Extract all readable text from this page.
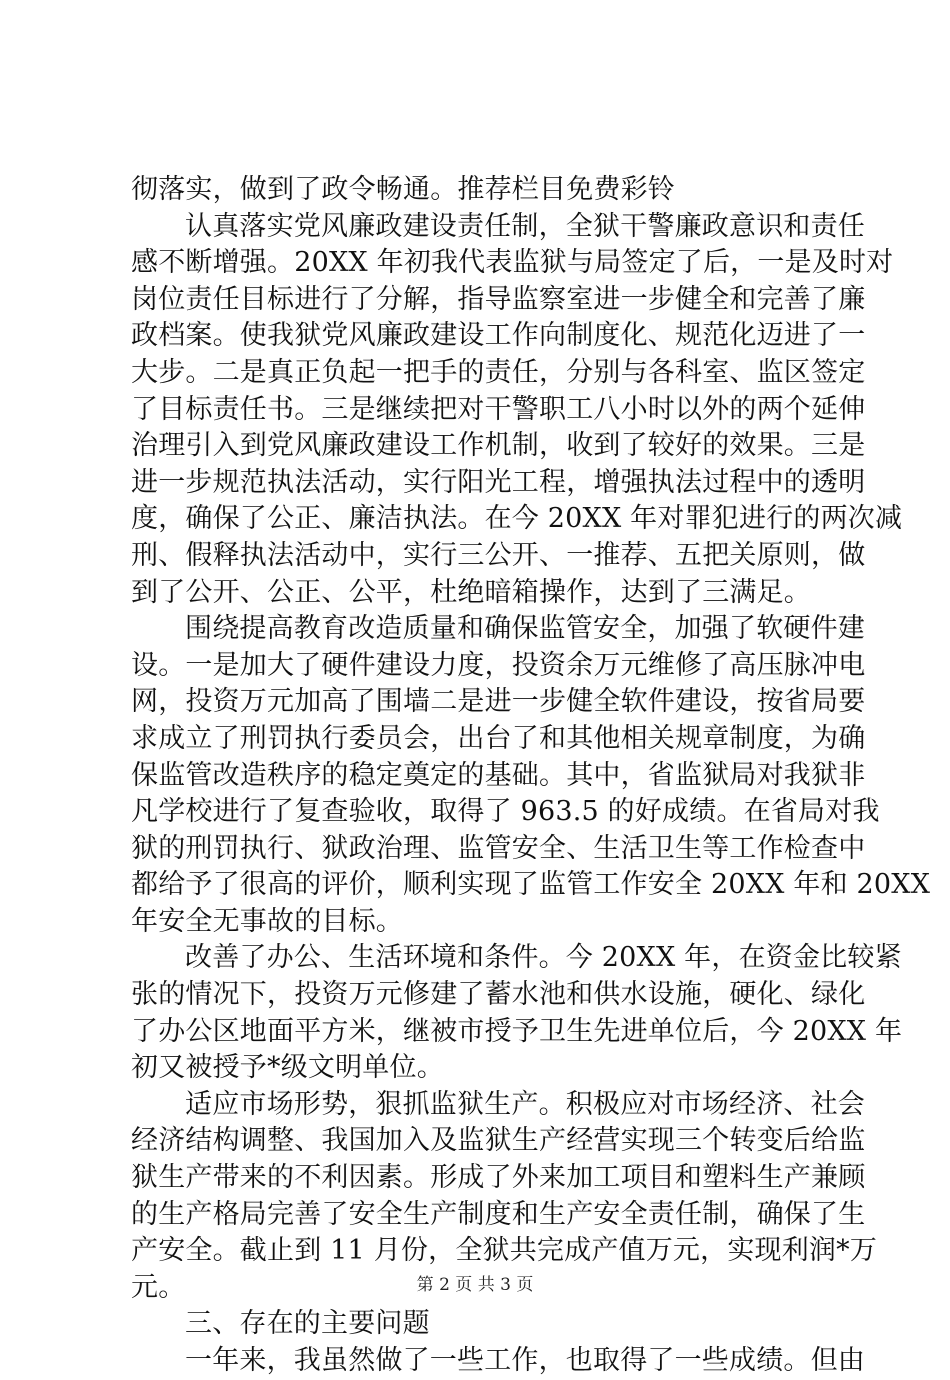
彻落实，做到了政令畅通。推荐栏目免费彩铃
认真落实党风廉政建设责任制，全狱干警廉政意识和责任
感不断增强。20XX 年初我代表监狱与局签定了后，一是及时对
岗位责任目标进行了分解，指导监察室进一步健全和完善了廉
政档案。使我狱党风廉政建设工作向制度化、规范化迈进了一
大步。二是真正负起一把手的责任，分别与各科室、监区签定
了目标责任书。三是继续把对干警职工八小时以外的两个延伸
治理引入到党风廉政建设工作机制，收到了较好的效果。三是
进一步规范执法活动，实行阳光工程，增强执法过程中的透明
度，确保了公正、廉洁执法。在今 20XX 年对罪犯进行的两次减
刑、假释执法活动中，实行三公开、一推荐、五把关原则，做
到了公开、公正、公平，杜绝暗箱操作，达到了三满足。
围绕提高教育改造质量和确保监管安全，加强了软硬件建
设。一是加大了硬件建设力度，投资余万元维修了高压脉冲电
网，投资万元加高了围墙二是进一步健全软件建设，按省局要
求成立了刑罚执行委员会，出台了和其他相关规章制度，为确
保监管改造秩序的稳定奠定的基础。其中，省监狱局对我狱非
凡学校进行了复查验收，取得了 963.5 的好成绩。在省局对我
狱的刑罚执行、狱政治理、监管安全、生活卫生等工作检查中
都给予了很高的评价，顺利实现了监管工作安全 20XX 年和 20XX
年安全无事故的目标。
改善了办公、生活环境和条件。今 20XX 年，在资金比较紧
张的情况下，投资万元修建了蓄水池和供水设施，硬化、绿化
了办公区地面平方米，继被市授予卫生先进单位后，今 20XX 年
初又被授予*级文明单位。
适应市场形势，狠抓监狱生产。积极应对市场经济、社会
经济结构调整、我国加入及监狱生产经营实现三个转变后给监
狱生产带来的不利因素。形成了外来加工项目和塑料生产兼顾
的生产格局完善了安全生产制度和生产安全责任制，确保了生
产安全。截止到 11 月份，全狱共完成产值万元，实现利润*万
元。
三、存在的主要问题
一年来，我虽然做了一些工作，也取得了一些成绩。但由
第 2 页 共 3 页
